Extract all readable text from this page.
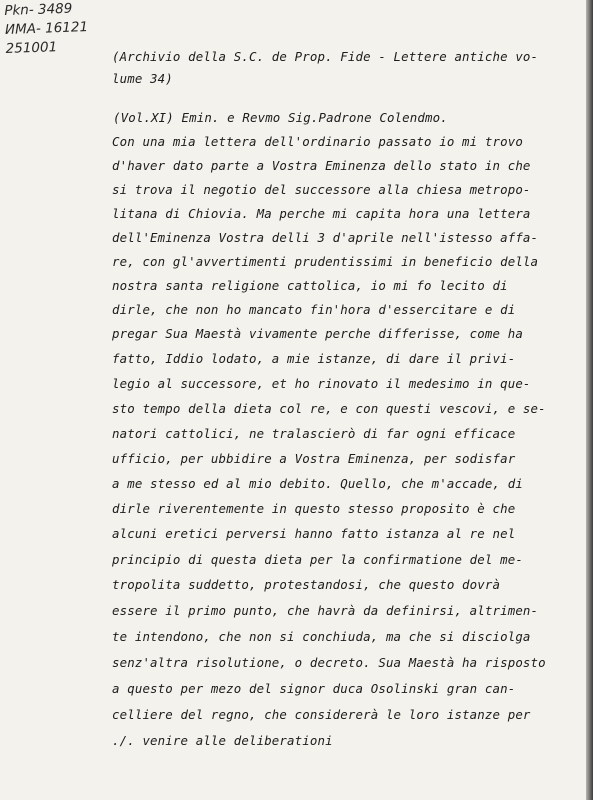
Pkn- 3489
ИМА- 16121
251001	(Archivio della S.C. de Prop. Fide - Lettere antiche vo-
lume 34)
(Vol.XI) Emin. e Revmo Sig.Padrone Colendmo.
Con una mia lettera dell'ordinario passato io mi trovo
d'haver dato parte a Vostra Eminenza dello stato in che
si trova il negotio del successore alla chiesa metropo-
litana di Chiovia. Ma perche mi capita hora una lettera
dell'Eminenza Vostra delli 3 d'aprile nell'istesso affa-
re, con gl'avvertimenti prudentissimi in beneficio della
nostra santa religione cattolica, io mi fo lecito di
dirle, che non ho mancato fin'hora d'essercitare e di
pregar Sua Maestà vivamente perche differisse, come ha
fatto, Iddio lodato, a mie istanze, di dare il privi-
legio al successore, et ho rinovato il medesimo in que-
sto tempo della dieta col re, e con questi vescovi, e se-
natori cattolici, ne tralascierò di far ogni efficace
ufficio, per ubbidire a Vostra Eminenza, per sodisfar
a me stesso ed al mio debito. Quello, che m'accade, di
dirle riverentemente in questo stesso proposito è che
alcuni eretici perversi hanno fatto istanza al re nel
principio di questa dieta per la confirmatione del me-
tropolita suddetto, protestandosi, che questo dovrà
essere il primo punto, che havrà da definirsi, altrimen-
te intendono, che non si conchiuda, ma che si disciolga
senz'altra risolutione, o decreto. Sua Maestà ha risposto
a questo per mezo del signor duca Osolinski gran can-
celliere del regno, che considererà le loro istanze per
./. venire alle deliberationi
